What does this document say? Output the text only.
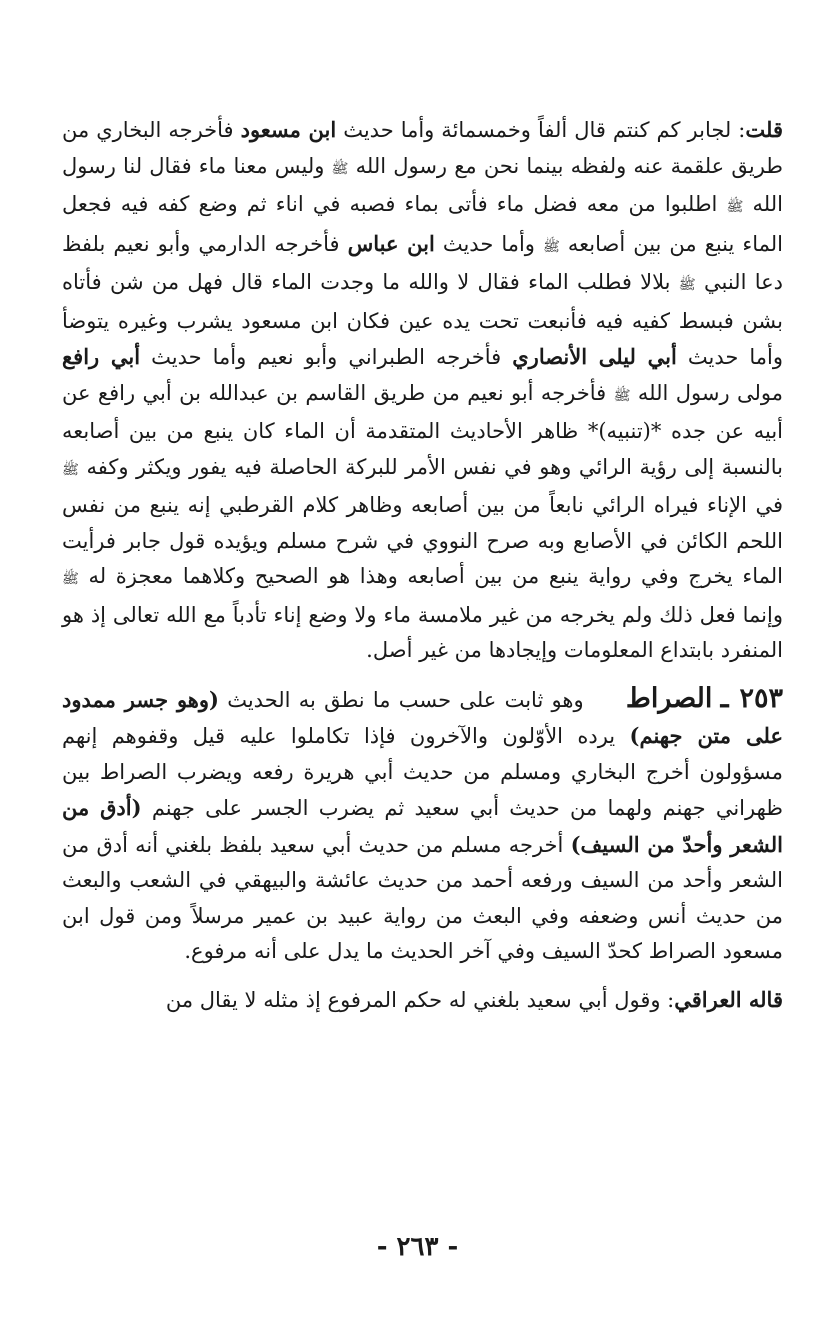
قلت: لجابر كم كنتم قال ألفاً وخمسمائة وأما حديث ابن مسعود فأخرجه البخاري من طريق علقمة عنه ولفظه بينما نحن مع رسول الله ﷺ وليس معنا ماء فقال لنا رسول الله ﷺ اطلبوا من معه فضل ماء فأتى بماء فصبه في اناء ثم وضع كفه فيه فجعل الماء ينبع من بين أصابعه ﷺ وأما حديث ابن عباس فأخرجه الدارمي وأبو نعيم بلفظ دعا النبي ﷺ بلالا فطلب الماء فقال لا والله ما وجدت الماء قال فهل من شن فأتاه بشن فبسط كفيه فيه فأنبعت تحت يده عين فكان ابن مسعود يشرب وغيره يتوضأ وأما حديث أبي ليلى الأنصاري فأخرجه الطبراني وأبو نعيم وأما حديث أبي رافع مولى رسول الله ﷺ فأخرجه أبو نعيم من طريق القاسم بن عبدالله بن أبي رافع عن أبيه عن جده *(تنبيه)* ظاهر الأحاديث المتقدمة أن الماء كان ينبع من بين أصابعه بالنسبة إلى رؤية الرائي وهو في نفس الأمر للبركة الحاصلة فيه يفور ويكثر وكفه ﷺ في الإناء فيراه الرائي نابعاً من بين أصابعه وظاهر كلام القرطبي إنه ينبع من نفس اللحم الكائن في الأصابع وبه صرح النووي في شرح مسلم ويؤيده قول جابر فرأيت الماء يخرج وفي رواية ينبع من بين أصابعه وهذا هو الصحيح وكلاهما معجزة له ﷺ وإنما فعل ذلك ولم يخرجه من غير ملامسة ماء ولا وضع إناء تأدباً مع الله تعالى إذ هو المنفرد بابتداع المعلومات وإيجادها من غير أصل.

٢٥٣ ـ الصراط وهو ثابت على حسب ما نطق به الحديث (وهو جسر ممدود على متن جهنم) يرده الأوّلون والآخرون فإذا تكاملوا عليه قيل وقفوهم إنهم مسؤولون أخرج البخاري ومسلم من حديث أبي هريرة رفعه ويضرب الصراط بين ظهراني جهنم ولهما من حديث أبي سعيد ثم يضرب الجسر على جهنم (أدق من الشعر وأحدّ من السيف) أخرجه مسلم من حديث أبي سعيد بلفظ بلغني أنه أدق من الشعر وأحد من السيف ورفعه أحمد من حديث عائشة والبيهقي في الشعب والبعث من حديث أنس وضعفه وفي البعث من رواية عبيد بن عمير مرسلاً ومن قول ابن مسعود الصراط كحدّ السيف وفي آخر الحديث ما يدل على أنه مرفوع.

قاله العراقي: وقول أبي سعيد بلغني له حكم المرفوع إذ مثله لا يقال من

- ٢٦٣ -
